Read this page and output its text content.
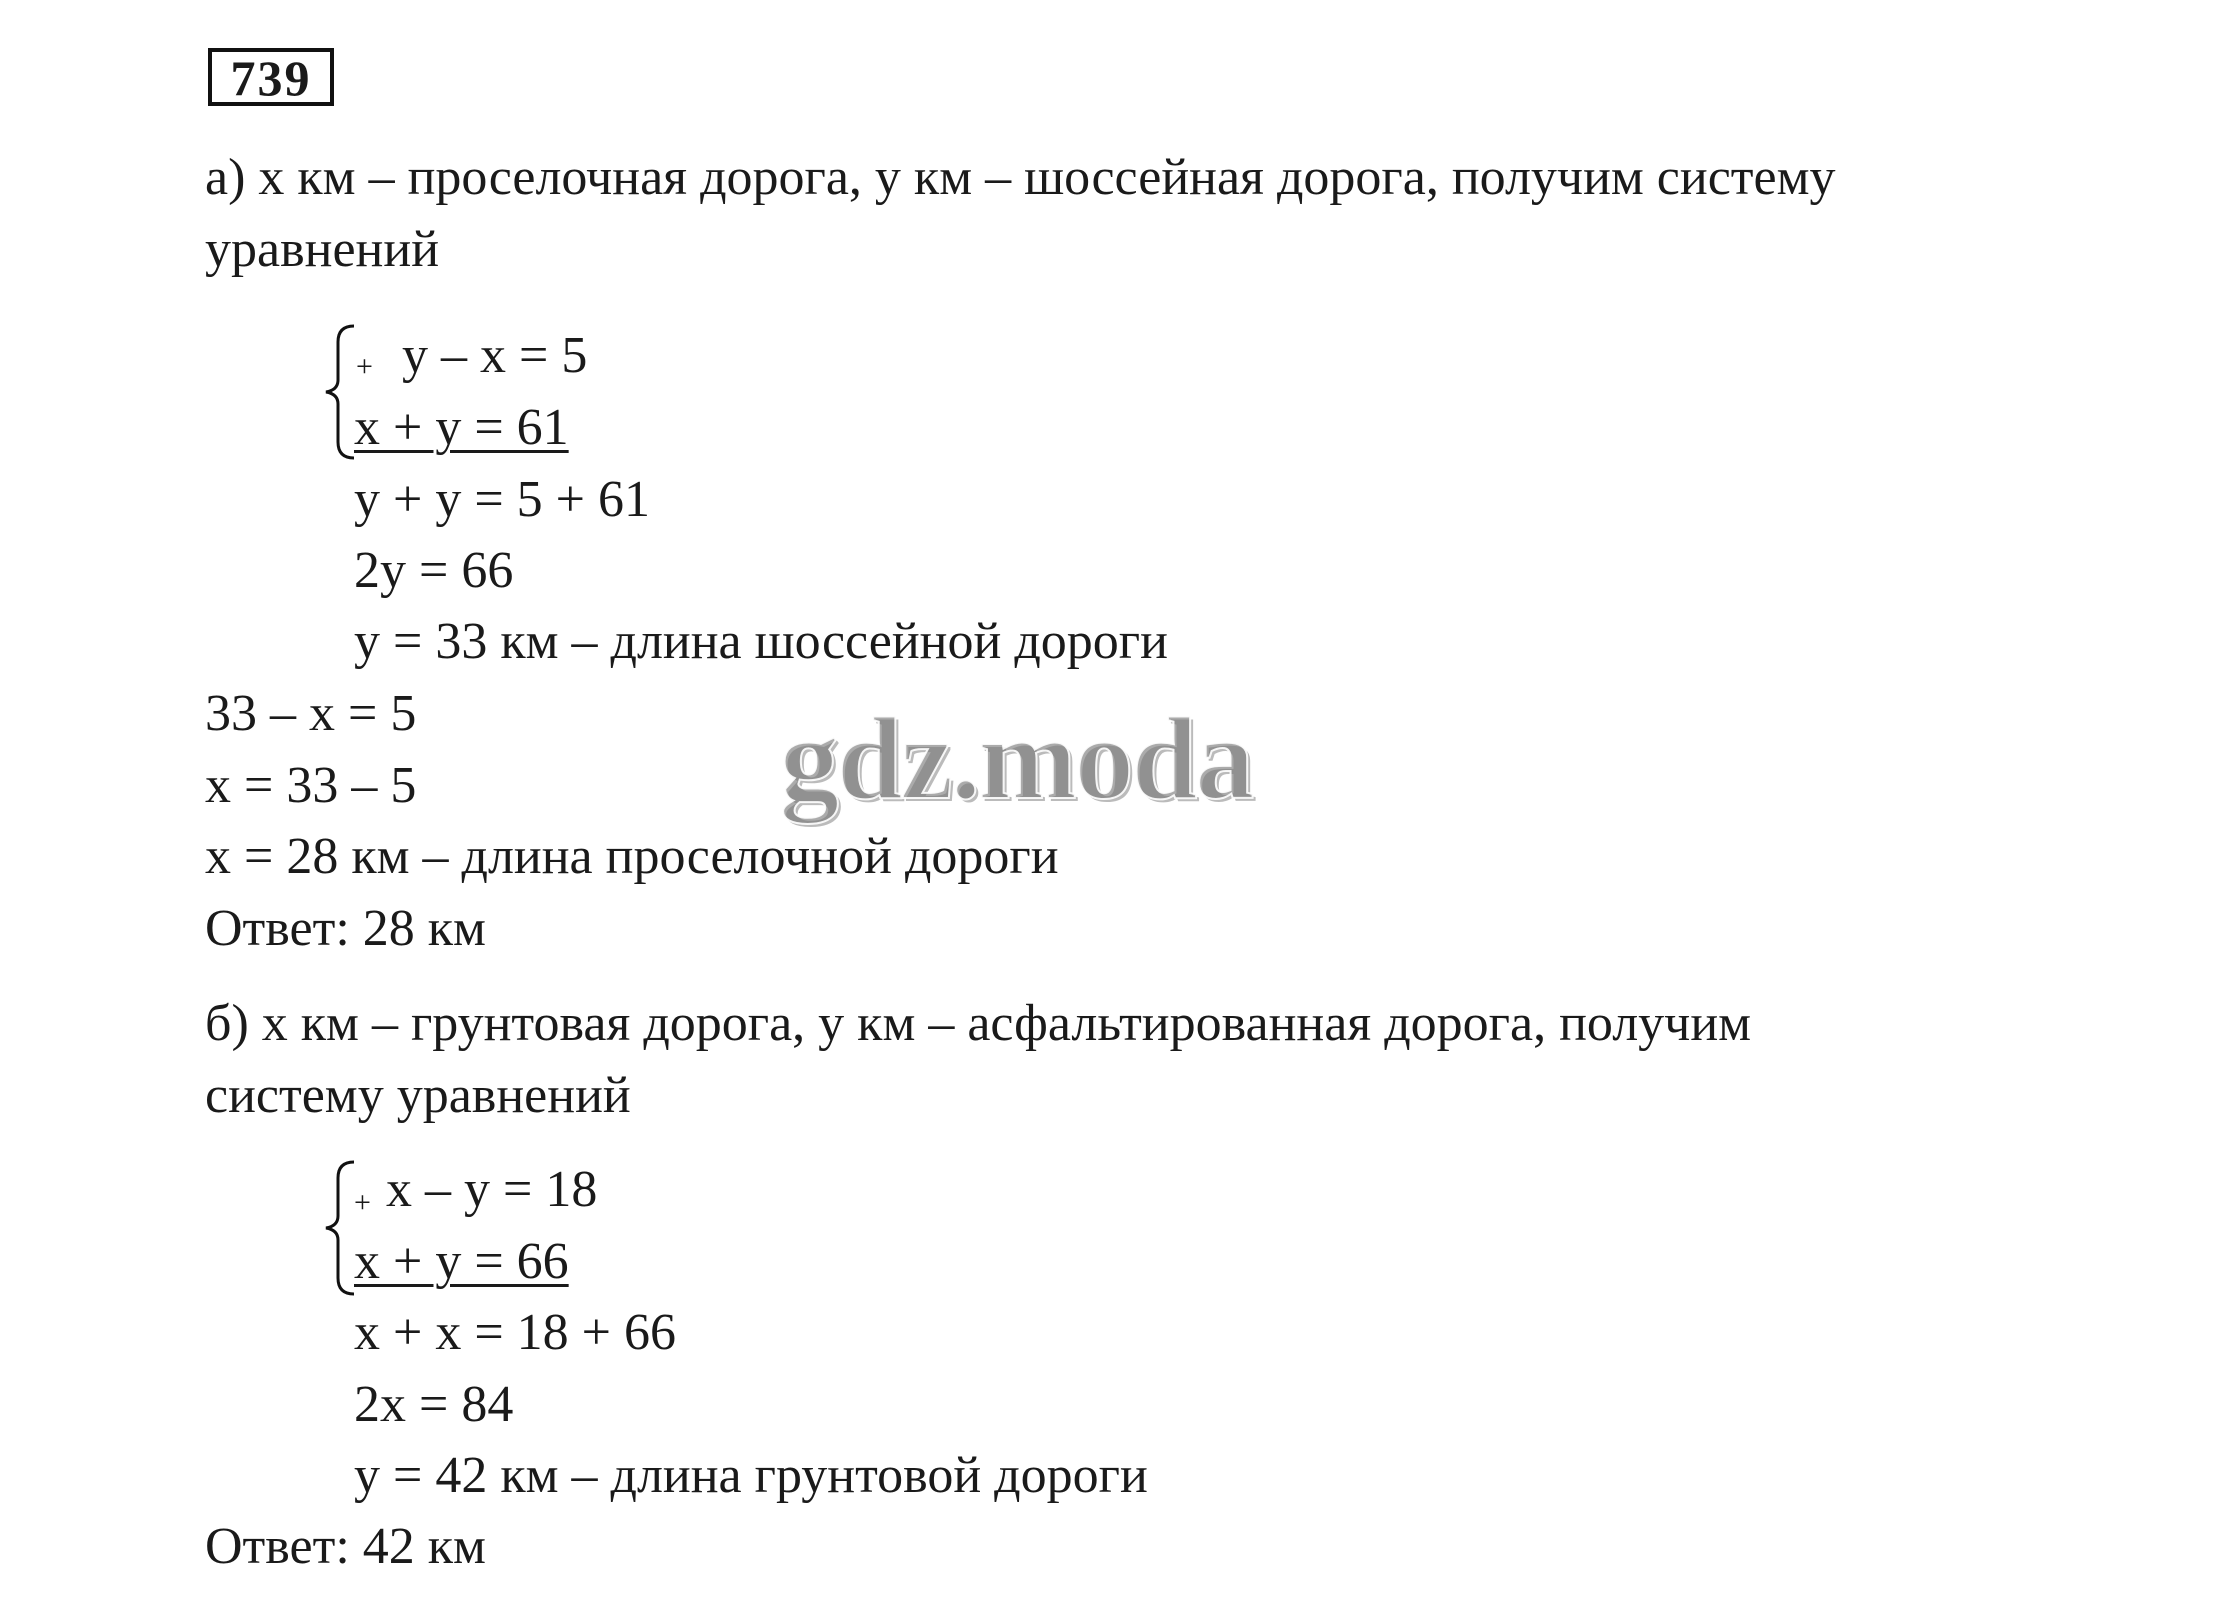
739
а) x км – проселочная дорога, y км – шоссейная дорога, получим систему
уравнений
+ y – x = 5
x + y = 61
y + y = 5 + 61
2y = 66
y = 33 км – длина шоссейной дороги
33 – x = 5
x = 33 – 5
x = 28 км – длина проселочной дороги
Ответ: 28 км
б) x км – грунтовая дорога, y км – асфальтированная дорога, получим
систему уравнений
+ x – y = 18
x + y = 66
x + x = 18 + 66
2x = 84
y = 42 км – длина грунтовой дороги
Ответ: 42 км
gdz.moda
